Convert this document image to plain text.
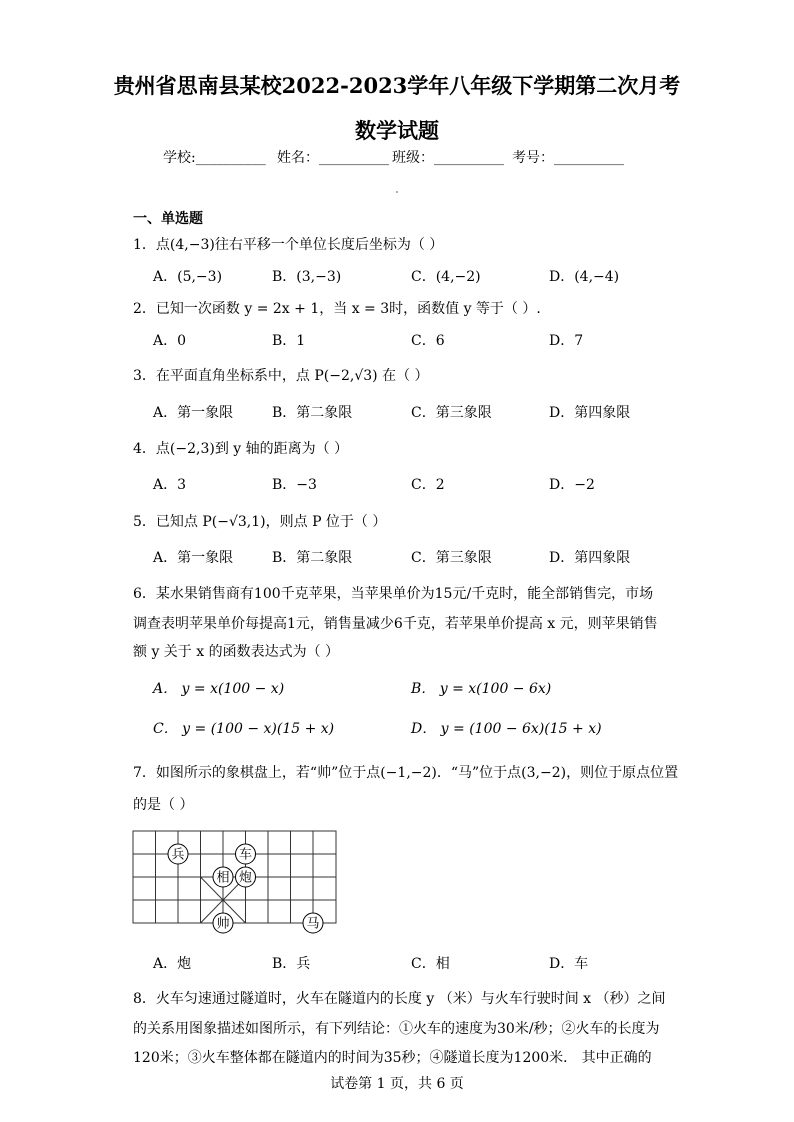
贵州省思南县某校2022-2023学年八年级下学期第二次月考
数学试题
学校:__________ 姓名：__________ 班级：__________ 考号：__________
一、单选题
1．点(4,−3)往右平移一个单位长度后坐标为（ ）
A．(5,−3)	B．(3,−3)	C．(4,−2)	D．(4,−4)
2．已知一次函数 y = 2x + 1，当 x = 3时，函数值 y 等于（ ）.
A．0	B．1	C．6	D．7
3．在平面直角坐标系中，点 P(−2,√3) 在（ ）
A．第一象限	B．第二象限	C．第三象限	D．第四象限
4．点(−2,3)到 y 轴的距离为（ ）
A．3	B．−3	C．2	D．−2
5．已知点 P(−√3,1)，则点 P 位于（ ）
A．第一象限	B．第二象限	C．第三象限	D．第四象限
6．某水果销售商有100千克苹果，当苹果单价为15元/千克时，能全部销售完，市场
调查表明苹果单价每提高1元，销售量减少6千克，若苹果单价提高 x 元，则苹果销售
额 y 关于 x 的函数表达式为（ ）
A． y = x(100 − x)	B． y = x(100 − 6x)
C． y = (100 − x)(15 + x)	D． y = (100 − 6x)(15 + x)
7．如图所示的象棋盘上，若“帅”位于点(−1,−2)．“马”位于点(3,−2)，则位于原点位置
的是（ ）
兵	车
相 炮
帅	马
A．炮	B．兵	C．相	D．车
8．火车匀速通过隧道时，火车在隧道内的长度 y （米）与火车行驶时间 x （秒）之间
的关系用图象描述如图所示，有下列结论：①火车的速度为30米/秒；②火车的长度为
120米；③火车整体都在隧道内的时间为35秒；④隧道长度为1200米． 其中正确的
试卷第 1 页，共 6 页
